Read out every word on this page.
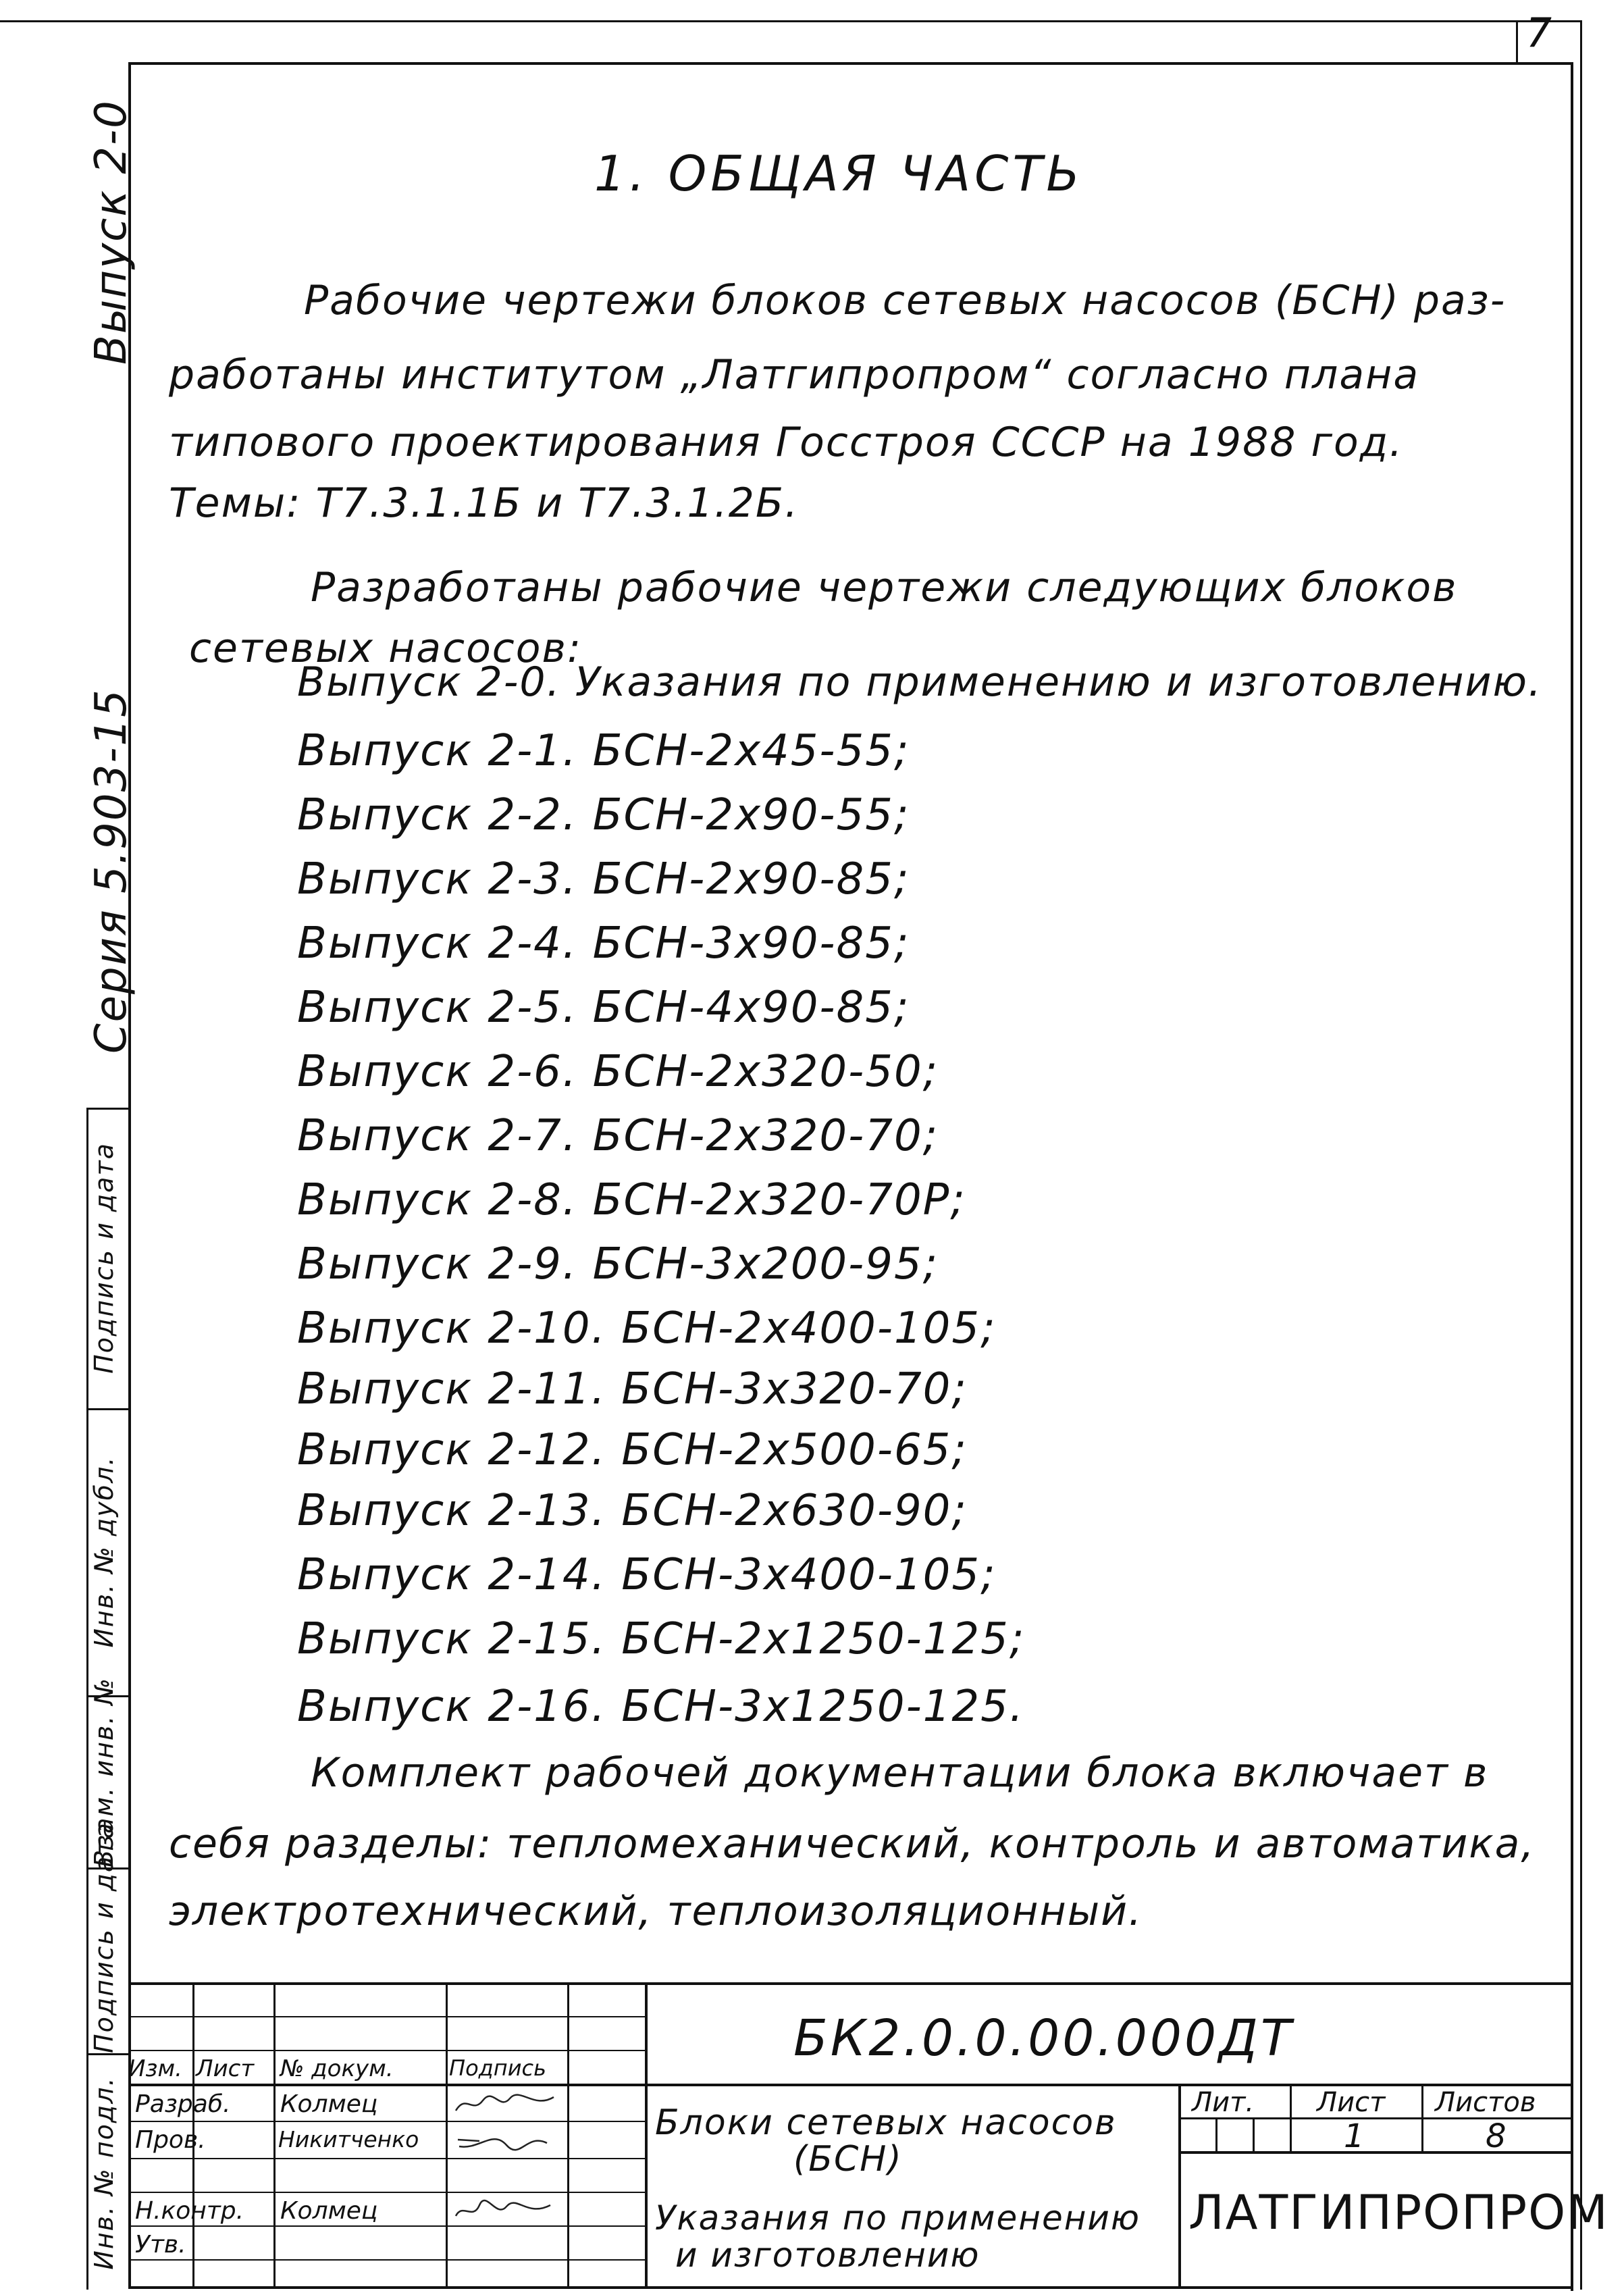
7
Инв. № подл.
Подпись и дата
Взам. инв. №
Инв. № дубл.
Подпись и дата
Выпуск 2-0
Серия 5.903-15
1. ОБЩАЯ ЧАСТЬ
Рабочие чертежи блоков сетевых насосов (БСН) раз-
работаны институтом „Латгипропром“ согласно плана
типового проектирования Госстроя СССР на 1988 год.
Темы: Т7.3.1.1Б и Т7.3.1.2Б.
Разработаны рабочие чертежи следующих блоков
сетевых насосов:
Выпуск 2-0. Указания по применению и изготовлению.
Выпуск 2-1. БСН-2х45-55;
Выпуск 2-2. БСН-2х90-55;
Выпуск 2-3. БСН-2х90-85;
Выпуск 2-4. БСН-3х90-85;
Выпуск 2-5. БСН-4х90-85;
Выпуск 2-6. БСН-2х320-50;
Выпуск 2-7. БСН-2х320-70;
Выпуск 2-8. БСН-2х320-70Р;
Выпуск 2-9. БСН-3х200-95;
Выпуск 2-10. БСН-2х400-105;
Выпуск 2-11. БСН-3х320-70;
Выпуск 2-12. БСН-2х500-65;
Выпуск 2-13. БСН-2х630-90;
Выпуск 2-14. БСН-3х400-105;
Выпуск 2-15. БСН-2х1250-125;
Выпуск 2-16. БСН-3х1250-125.
Комплект рабочей документации блока включает в
себя разделы: тепломеханический, контроль и автоматика,
электротехнический, теплоизоляционный.
Изм. Лист № докум.	Подпись
Разраб. Колмец
Пров.	Никитченко
Н.контр. Колмец
Утв.
БК2.0.0.00.000ДТ
Блоки сетевых насосов
(БСН)
Указания по применению
и изготовлению
Лит. Лист Листов
1	8
ЛАТГИПРОПРОМ
